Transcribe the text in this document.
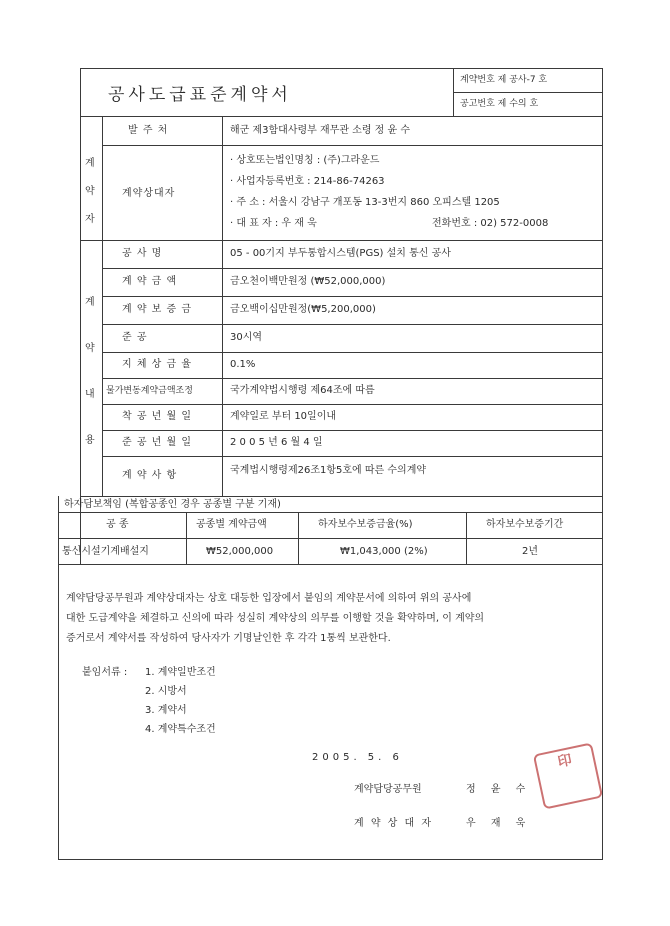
공사도급표준계약서
계약번호 제 공사-7 호
공고번호 제 수의 호
계약자
발 주 처	해군 제3함대사령부 재무관 소령 정 윤 수
계약상대자
· 상호또는법인명칭 : (주)그라운드
· 사업자등록번호 : 214-86-74263
· 주 소 : 서울시 강남구 개포동 13-3번지 860 오피스텔 1205
· 대 표 자 : 우 재 욱	전화번호 : 02) 572-0008
계약내용
공 사 명	05 - 00기지 부두통합시스템(PGS) 설치 통신 공사
계 약 금 액	금오천이백만원정 (₩52,000,000)
계 약 보 증 금	금오백이십만원정(₩5,200,000)
준 공	30시역
지 체 상 금 율	0.1%
물가변동계약금액조정	국가계약법시행령 제64조에 따름
착 공 년 월 일	계약일로 부터 10일이내
준 공 년 월 일	2 0 0 5 년 6 월 4 일
계 약 사 항	국계법시행령제26조1항5호에 따른 수의계약
하자담보책임 (복합공종인 경우 공종별 구분 기재)
공 종	공종별 계약금액	하자보수보증금율(%)	하자보수보증기간
통신시설기계배설지	₩52,000,000	₩1,043,000 (2%)	2년
계약담당공무원과 계약상대자는 상호 대등한 입장에서 붙임의 계약문서에 의하여 위의 공사에
대한 도급계약을 체결하고 신의에 따라 성실히 계약상의 의무를 이행할 것을 확약하며, 이 계약의
증거로서 계약서를 작성하여 당사자가 기명날인한 후 각각 1통씩 보관한다.
붙임서류 : 1. 계약일반조건
2. 시방서
3. 계약서
4. 계약특수조건
2005. 5. 6
계약담당공무원	정 윤 수
계 약 상 대 자	우 재 욱
印
